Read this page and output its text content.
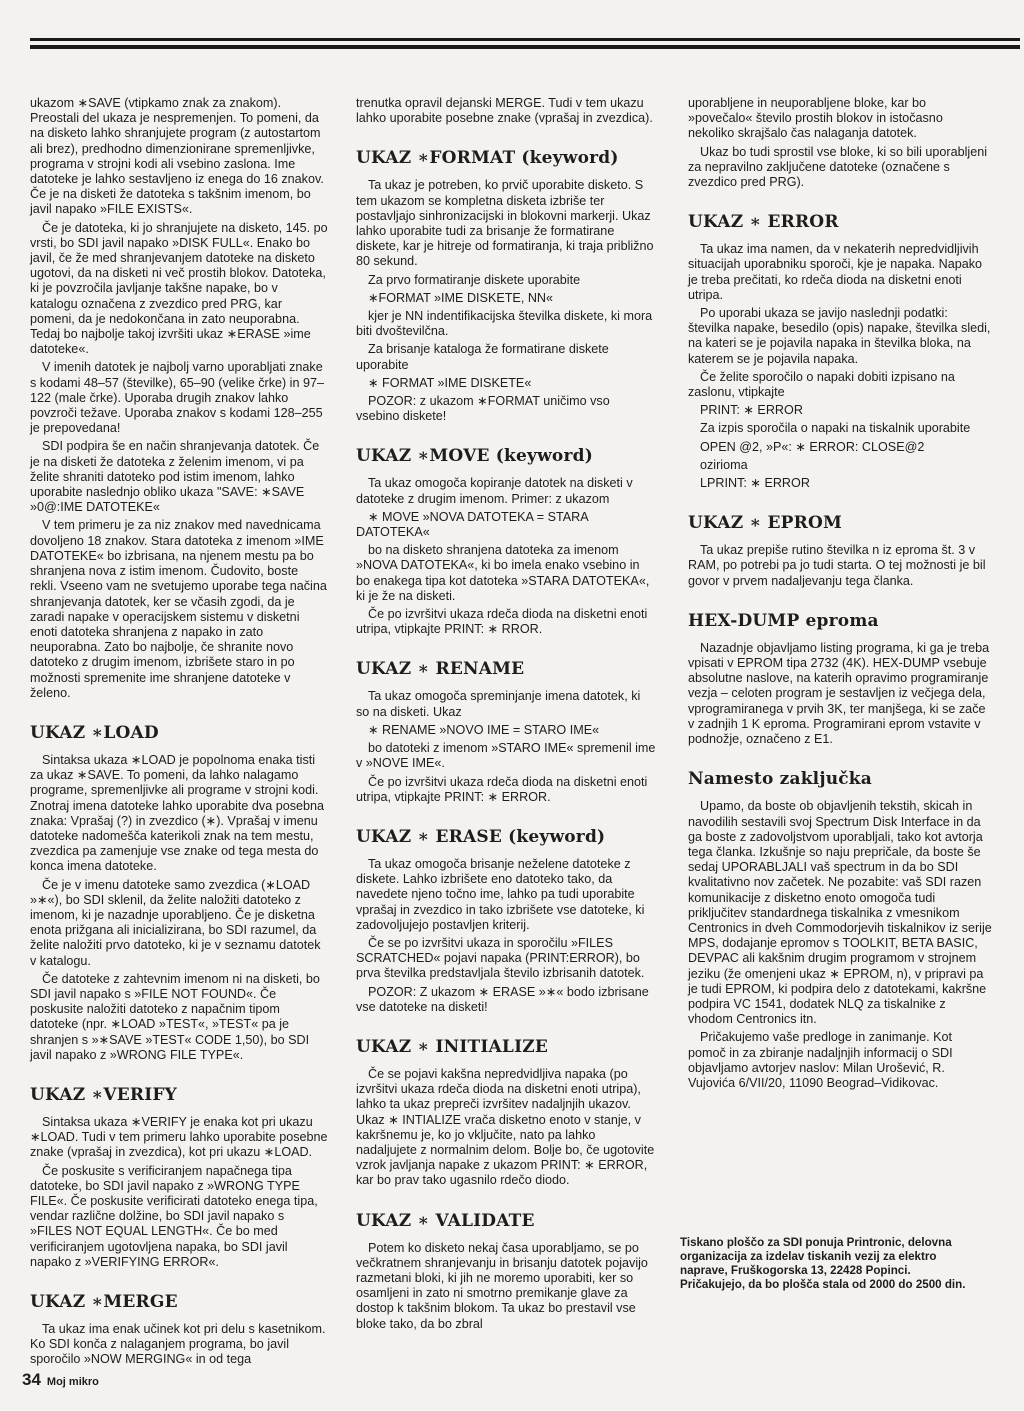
ukazom ∗SAVE (vtipkamo znak za znakom). Preostali del ukaza je nespremenjen. To pomeni, da na disketo lahko shranjujete program (z autostartom ali brez), predhodno dimenzionirane spremenljivke, programa v strojni kodi ali vsebino zaslona. Ime datoteke je lahko sestavljeno iz enega do 16 znakov. Če je na disketi že datoteka s takšnim imenom, bo javil napako »FILE EXISTS«.

Če je datoteka, ki jo shranjujete na disketo, 145. po vrsti, bo SDI javil napako »DISK FULL«. Enako bo javil, če že med shranjevanjem datoteke na disketo ugotovi, da na disketi ni več prostih blokov. Datoteka, ki je povzročila javljanje takšne napake, bo v katalogu označena z zvezdico pred PRG, kar pomeni, da je nedokončana in zato neuporabna. Tedaj bo najbolje takoj izvršiti ukaz ∗ERASE »ime datoteke«.

V imenih datotek je najbolj varno uporabljati znake s kodami 48–57 (številke), 65–90 (velike črke) in 97–122 (male črke). Uporaba drugih znakov lahko povzroči težave. Uporaba znakov s kodami 128–255 je prepovedana!

SDI podpira še en način shranjevanja datotek. Če je na disketi že datoteka z želenim imenom, vi pa želite shraniti datoteko pod istim imenom, lahko uporabite naslednjo obliko ukaza "SAVE: ∗SAVE »0@:IME DATOTEKE«

V tem primeru je za niz znakov med navednicama dovoljeno 18 znakov. Stara datoteka z imenom »IME DATOTEKE« bo izbrisana, na njenem mestu pa bo shranjena nova z istim imenom. Čudovito, boste rekli. Vseeno vam ne svetujemo uporabe tega načina shranjevanja datotek, ker se včasih zgodi, da je zaradi napake v operacijskem sistemu v disketni enoti datoteka shranjena z napako in zato neuporabna. Zato bo najbolje, če shranite novo datoteko z drugim imenom, izbrišete staro in po možnosti spremenite ime shranjene datoteke v želeno.

UKAZ ∗LOAD

Sintaksa ukaza ∗LOAD je popolnoma enaka tisti za ukaz ∗SAVE. To pomeni, da lahko nalagamo programe, spremenljivke ali programe v strojni kodi. Znotraj imena datoteke lahko uporabite dva posebna znaka: Vprašaj (?) in zvezdico (∗). Vprašaj v imenu datoteke nadomešča katerikoli znak na tem mestu, zvezdica pa zamenjuje vse znake od tega mesta do konca imena datoteke.

Če je v imenu datoteke samo zvezdica (∗LOAD »∗«), bo SDI sklenil, da želite naložiti datoteko z imenom, ki je nazadnje uporabljeno. Če je disketna enota prižgana ali inicializirana, bo SDI razumel, da želite naložiti prvo datoteko, ki je v seznamu datotek v katalogu.

Če datoteke z zahtevnim imenom ni na disketi, bo SDI javil napako s »FILE NOT FOUND«. Če poskusite naložiti datoteko z napačnim tipom datoteke (npr. ∗LOAD »TEST«, »TEST« pa je shranjen s »∗SAVE »TEST« CODE 1,50), bo SDI javil napako z »WRONG FILE TYPE«.

UKAZ ∗VERIFY

Sintaksa ukaza ∗VERIFY je enaka kot pri ukazu ∗LOAD. Tudi v tem primeru lahko uporabite posebne znake (vprašaj in zvezdica), kot pri ukazu ∗LOAD.

Če poskusite s verificiranjem napačnega tipa datoteke, bo SDI javil napako z »WRONG TYPE FILE«. Če poskusite verificirati datoteko enega tipa, vendar različne dolžine, bo SDI javil napako s »FILES NOT EQUAL LENGTH«. Če bo med verificiranjem ugotovljena napaka, bo SDI javil napako z »VERIFYING ERROR«.

UKAZ ∗MERGE

Ta ukaz ima enak učinek kot pri delu s kasetnikom. Ko SDI konča z nalaganjem programa, bo javil sporočilo »NOW MERGING« in od tega

trenutka opravil dejanski MERGE. Tudi v tem ukazu lahko uporabite posebne znake (vprašaj in zvezdica).

UKAZ ∗FORMAT (keyword)

Ta ukaz je potreben, ko prvič uporabite disketo. S tem ukazom se kompletna disketa izbriše ter postavljajo sinhronizacijski in blokovni markerji. Ukaz lahko uporabite tudi za brisanje že formatirane diskete, kar je hitreje od formatiranja, ki traja približno 80 sekund.

Za prvo formatiranje diskete uporabite

∗FORMAT »IME DISKETE, NN«

kjer je NN indentifikacijska številka diskete, ki mora biti dvoštevilčna.

Za brisanje kataloga že formatirane diskete uporabite

∗ FORMAT »IME DISKETE«

POZOR: z ukazom ∗FORMAT uničimo vso vsebino diskete!

UKAZ ∗MOVE (keyword)

Ta ukaz omogoča kopiranje datotek na disketi v datoteke z drugim imenom. Primer: z ukazom

∗ MOVE »NOVA DATOTEKA = STARA DATOTEKA«

bo na disketo shranjena datoteka za imenom »NOVA DATOTEKA«, ki bo imela enako vsebino in bo enakega tipa kot datoteka »STARA DATOTEKA«, ki je že na disketi.

Če po izvršitvi ukaza rdeča dioda na disketni enoti utripa, vtipkajte PRINT: ∗ RROR.

UKAZ ∗ RENAME

Ta ukaz omogoča spreminjanje imena datotek, ki so na disketi. Ukaz

∗ RENAME »NOVO IME = STARO IME«

bo datoteki z imenom »STARO IME« spremenil ime v »NOVE IME«.

Če po izvršitvi ukaza rdeča dioda na disketni enoti utripa, vtipkajte PRINT: ∗ ERROR.

UKAZ ∗ ERASE (keyword)

Ta ukaz omogoča brisanje neželene datoteke z diskete. Lahko izbrišete eno datoteko tako, da navedete njeno točno ime, lahko pa tudi uporabite vprašaj in zvezdico in tako izbrišete vse datoteke, ki zadovoljujejo postavljen kriterij.

Če se po izvršitvi ukaza in sporočilu »FILES SCRATCHED« pojavi napaka (PRINT:ERROR), bo prva številka predstavljala število izbrisanih datotek.

POZOR: Z ukazom ∗ ERASE »∗« bodo izbrisane vse datoteke na disketi!

UKAZ ∗ INITIALIZE

Če se pojavi kakšna nepredvidljiva napaka (po izvršitvi ukaza rdeča dioda na disketni enoti utripa), lahko ta ukaz prepreči izvršitev nadaljnjih ukazov. Ukaz ∗ INTIALIZE vrača disketno enoto v stanje, v kakršnemu je, ko jo vključite, nato pa lahko nadaljujete z normalnim delom. Bolje bo, če ugotovite vzrok javljanja napake z ukazom PRINT: ∗ ERROR, kar bo prav tako ugasnilo rdečo diodo.

UKAZ ∗ VALIDATE

Potem ko disketo nekaj časa uporabljamo, se po večkratnem shranjevanju in brisanju datotek pojavijo razmetani bloki, ki jih ne moremo uporabiti, ker so osamljeni in zato ni smotrno premikanje glave za dostop k takšnim blokom. Ta ukaz bo prestavil vse bloke tako, da bo zbral

uporabljene in neuporabljene bloke, kar bo »povečalo« število prostih blokov in istočasno nekoliko skrajšalo čas nalaganja datotek.

Ukaz bo tudi sprostil vse bloke, ki so bili uporabljeni za nepravilno zaključene datoteke (označene s zvezdico pred PRG).

UKAZ ∗ ERROR

Ta ukaz ima namen, da v nekaterih nepredvidljivih situacijah uporabniku sporoči, kje je napaka. Napako je treba prečitati, ko rdeča dioda na disketni enoti utripa.

Po uporabi ukaza se javijo naslednji podatki: številka napake, besedilo (opis) napake, številka sledi, na kateri se je pojavila napaka in številka bloka, na katerem se je pojavila napaka.

Če želite sporočilo o napaki dobiti izpisano na zaslonu, vtipkajte

PRINT: ∗ ERROR

Za izpis sporočila o napaki na tiskalnik uporabite

OPEN @2, »P«: ∗ ERROR: CLOSE@2

ozirioma

LPRINT: ∗ ERROR

UKAZ ∗ EPROM

Ta ukaz prepiše rutino številka n iz eproma št. 3 v RAM, po potrebi pa jo tudi starta. O tej možnosti je bil govor v prvem nadaljevanju tega članka.

HEX-DUMP eproma

Nazadnje objavljamo listing programa, ki ga je treba vpisati v EPROM tipa 2732 (4K). HEX-DUMP vsebuje absolutne naslove, na katerih opravimo programiranje vezja – celoten program je sestavljen iz večjega dela, vprogramiranega v prvih 3K, ter manjšega, ki se zače v zadnjih 1 K eproma. Programirani eprom vstavite v podnožje, označeno z E1.

Namesto zaključka

Upamo, da boste ob objavljenih tekstih, skicah in navodilih sestavili svoj Spectrum Disk Interface in da ga boste z zadovoljstvom uporabljali, tako kot avtorja tega članka. Izkušnje so naju prepričale, da boste še sedaj UPORABLJALI vaš spectrum in da bo SDI kvalitativno nov začetek. Ne pozabite: vaš SDI razen komunikacije z disketno enoto omogoča tudi priključitev standardnega tiskalnika z vmesnikom Centronics in dveh Commodorjevih tiskalnikov iz serije MPS, dodajanje epromov s TOOLKIT, BETA BASIC, DEVPAC ali kakšnim drugim programom v strojnem jeziku (že omenjeni ukaz ∗ EPROM, n), v pripravi pa je tudi EPROM, ki podpira delo z datotekami, kakršne podpira VC 1541, dodatek NLQ za tiskalnike z vhodom Centronics itn.

Pričakujemo vaše predloge in zanimanje. Kot pomoč in za zbiranje nadaljnjih informacij o SDI objavljamo avtorjev naslov: Milan Urošević, R. Vujovića 6/VII/20, 11090 Beograd–Vidikovac.

Tiskano ploščo za SDI ponuja Printronic, delovna organizacija za izdelav tiskanih vezij za elektro naprave, Fruškogorska 13, 22428 Popinci. Pričakujejo, da bo plošča stala od 2000 do 2500 din.
34 Moj mikro
